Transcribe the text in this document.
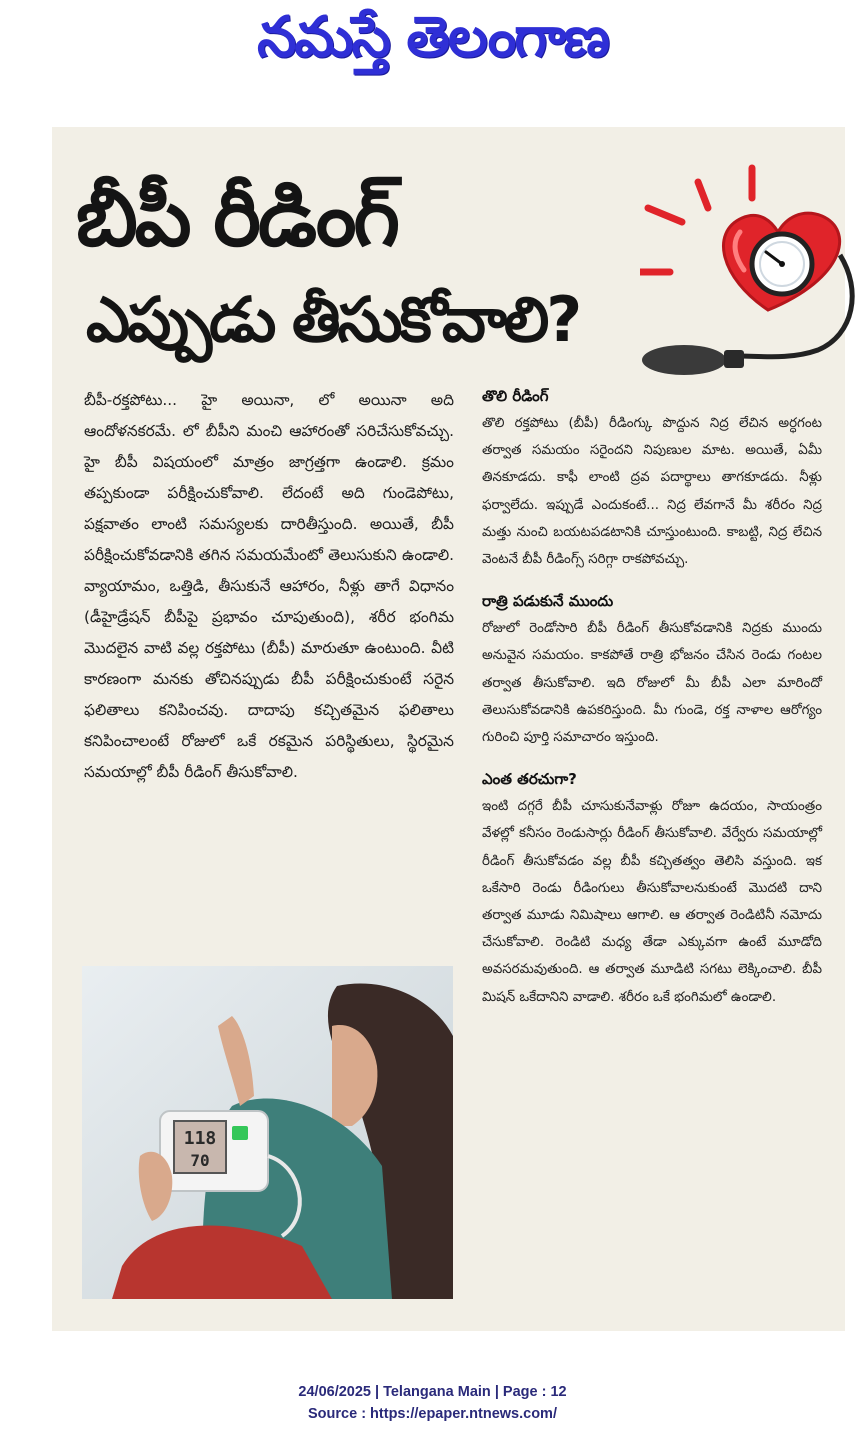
నమస్తే తెలంగాణ
బీపీ రీడింగ్
ఎప్పుడు తీసుకోవాలి?
బీపీ-రక్తపోటు... హై అయినా, లో అయినా అది ఆందోళనకరమే. లో బీపీని మంచి ఆహారంతో సరిచేసుకోవచ్చు. హై బీపీ విషయంలో మాత్రం జాగ్రత్తగా ఉండాలి. క్రమం తప్పకుండా పరీక్షించుకోవాలి. లేదంటే అది గుండెపోటు, పక్షవాతం లాంటి సమస్యలకు దారితీస్తుంది. అయితే, బీపీ పరీక్షించుకోవడానికి తగిన సమయమేంటో తెలుసుకుని ఉండాలి. వ్యాయామం, ఒత్తిడి, తీసుకునే ఆహారం, నీళ్లు తాగే విధానం (డీహైడ్రేషన్ బీపీపై ప్రభావం చూపుతుంది), శరీర భంగిమ మొదలైన వాటి వల్ల రక్తపోటు (బీపీ) మారుతూ ఉంటుంది. వీటి కారణంగా మనకు తోచినప్పుడు బీపీ పరీక్షించుకుంటే సరైన ఫలితాలు కనిపించవు. దాదాపు కచ్చితమైన ఫలితాలు కనిపించాలంటే రోజులో ఒకే రకమైన పరిస్థితులు, స్థిరమైన సమయాల్లో బీపీ రీడింగ్ తీసుకోవాలి.

తొలి రీడింగ్

తొలి రక్తపోటు (బీపీ) రీడింగ్కు పొద్దున నిద్ర లేచిన అర్ధగంట తర్వాత సమయం సరైందని నిపుణుల మాట. అయితే, ఏమీ తినకూడదు. కాఫీ లాంటి ద్రవ పదార్థాలు తాగకూడదు. నీళ్లు ఫర్వాలేదు. ఇప్పుడే ఎందుకంటే... నిద్ర లేవగానే మీ శరీరం నిద్ర మత్తు నుంచి బయటపడటానికి చూస్తుంటుంది. కాబట్టి, నిద్ర లేచిన వెంటనే బీపీ రీడింగ్స్ సరిగ్గా రాకపోవచ్చు.

రాత్రి పడుకునే ముందు

రోజులో రెండోసారి బీపీ రీడింగ్ తీసుకోవడానికి నిద్రకు ముందు అనువైన సమయం. కాకపోతే రాత్రి భోజనం చేసిన రెండు గంటల తర్వాత తీసుకోవాలి. ఇది రోజులో మీ బీపీ ఎలా మారిందో తెలుసుకోవడానికి ఉపకరిస్తుంది. మీ గుండె, రక్త నాళాల ఆరోగ్యం గురించి పూర్తి సమాచారం ఇస్తుంది.

ఎంత తరచుగా?

ఇంటి దగ్గరే బీపీ చూసుకునేవాళ్లు రోజూ ఉదయం, సాయంత్రం వేళల్లో కనీసం రెండుసార్లు రీడింగ్ తీసుకోవాలి. వేర్వేరు సమయాల్లో రీడింగ్ తీసుకోవడం వల్ల బీపీ కచ్చితత్వం తెలిసి వస్తుంది. ఇక ఒకేసారి రెండు రీడింగులు తీసుకోవాలనుకుంటే మొదటి దాని తర్వాత మూడు నిమిషాలు ఆగాలి. ఆ తర్వాత రెండిటినీ నమోదు చేసుకోవాలి. రెండిటి మధ్య తేడా ఎక్కువగా ఉంటే మూడోది అవసరమవుతుంది. ఆ తర్వాత మూడిటి సగటు లెక్కించాలి. బీపీ మిషన్ ఒకేదానిని వాడాలి. శరీరం ఒకే భంగిమలో ఉండాలి.

118
70
24/06/2025 | Telangana Main | Page : 12
Source : https://epaper.ntnews.com/
